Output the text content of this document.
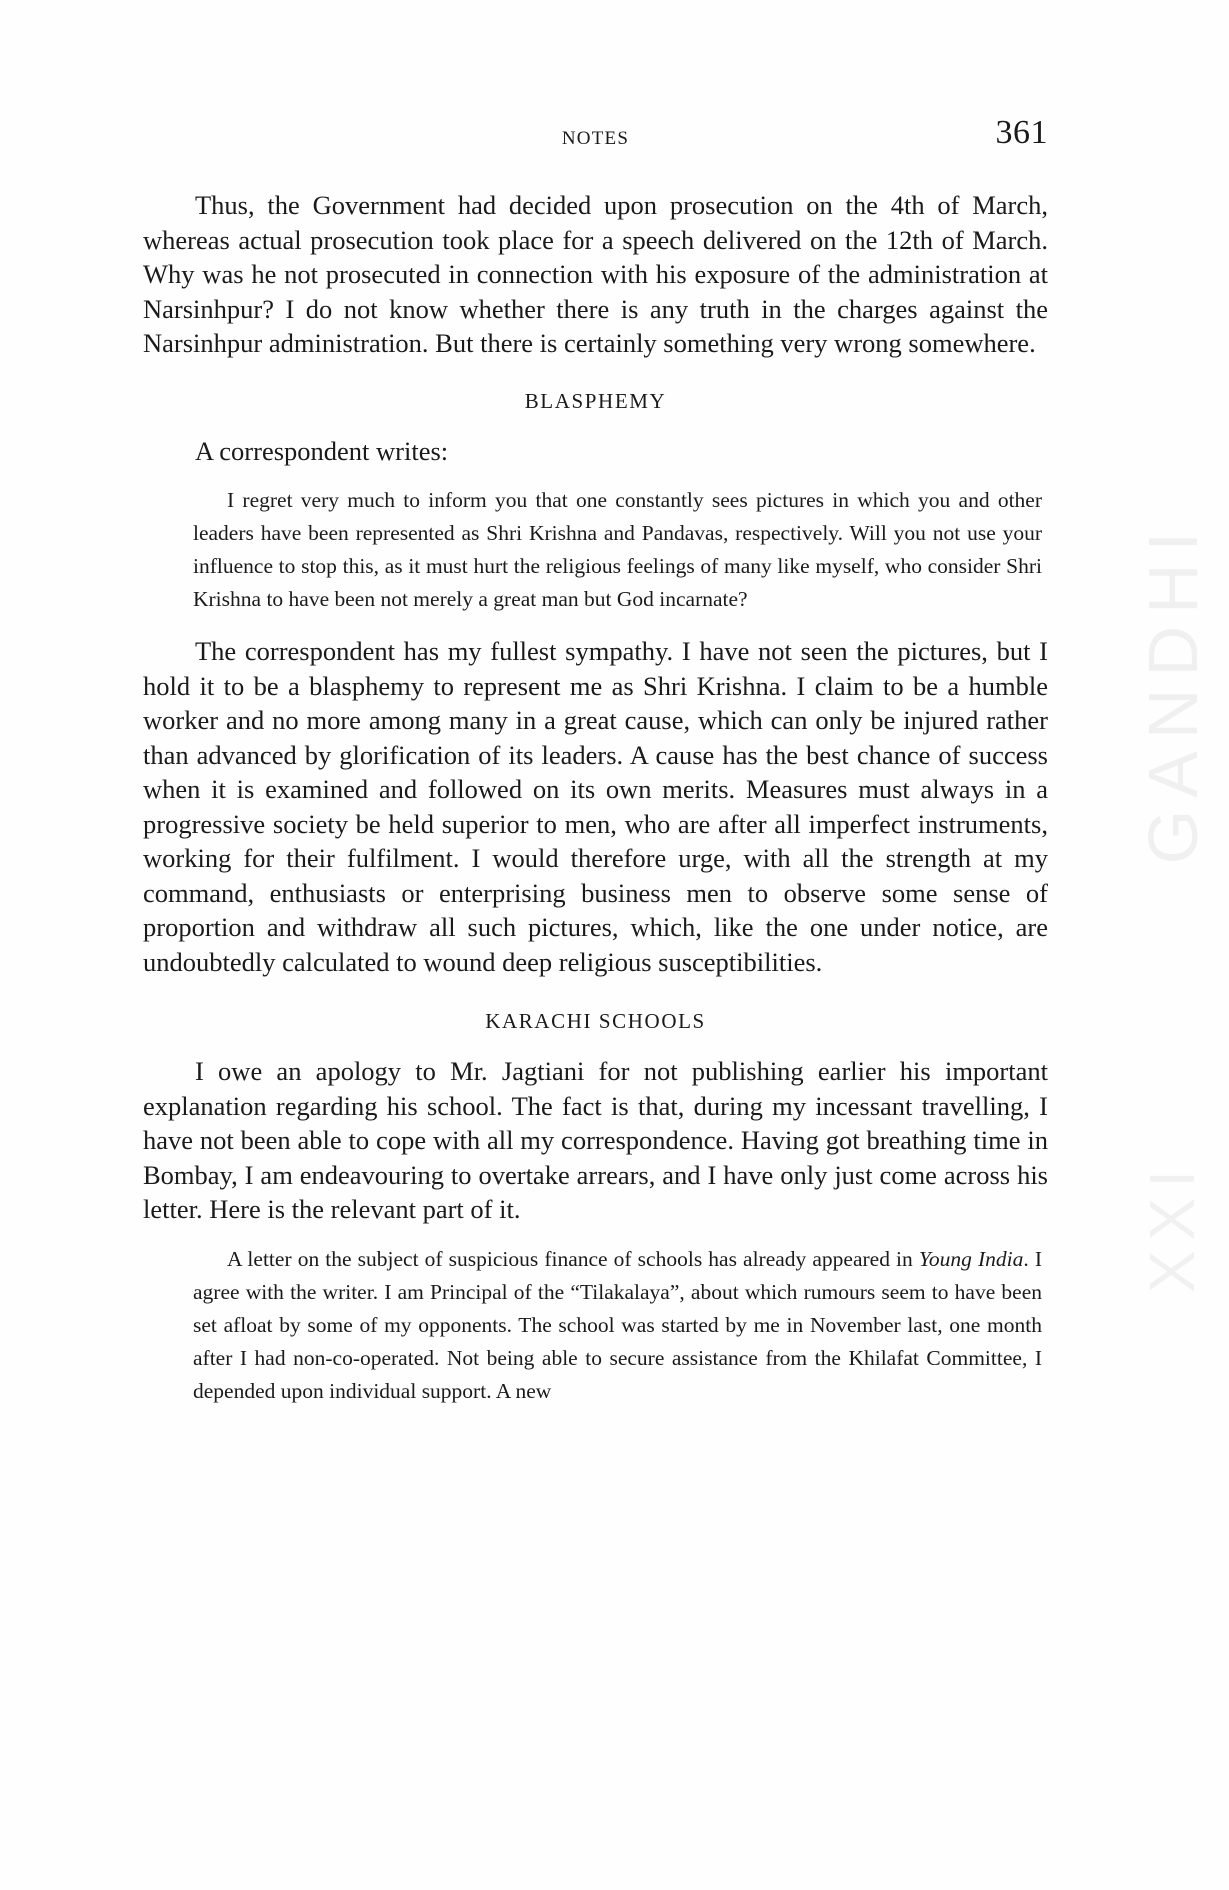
GANDHI
XXI
NOTES	361

Thus, the Government had decided upon prosecution on the 4th of March, whereas actual prosecution took place for a speech delivered on the 12th of March. Why was he not prosecuted in connection with his exposure of the administration at Narsinhpur? I do not know whether there is any truth in the charges against the Narsinhpur administration. But there is certainly something very wrong somewhere.

BLASPHEMY
A correspondent writes:

I regret very much to inform you that one constantly sees pictures in which you and other leaders have been represented as Shri Krishna and Pandavas, respectively. Will you not use your influence to stop this, as it must hurt the religious feelings of many like myself, who consider Shri Krishna to have been not merely a great man but God incarnate?

The correspondent has my fullest sympathy. I have not seen the pictures, but I hold it to be a blasphemy to represent me as Shri Krishna. I claim to be a humble worker and no more among many in a great cause, which can only be injured rather than advanced by glorification of its leaders. A cause has the best chance of success when it is examined and followed on its own merits. Measures must always in a progressive society be held superior to men, who are after all imperfect instruments, working for their fulfilment. I would therefore urge, with all the strength at my command, enthusiasts or enterprising business men to observe some sense of proportion and withdraw all such pictures, which, like the one under notice, are undoubtedly calculated to wound deep religious susceptibilities.

KARACHI SCHOOLS

I owe an apology to Mr. Jagtiani for not publishing earlier his important explanation regarding his school. The fact is that, during my incessant travelling, I have not been able to cope with all my correspondence. Having got breathing time in Bombay, I am endeavouring to overtake arrears, and I have only just come across his letter. Here is the relevant part of it.

A letter on the subject of suspicious finance of schools has already appeared in Young India. I agree with the writer. I am Principal of the “Tilakalaya”, about which rumours seem to have been set afloat by some of my opponents. The school was started by me in November last, one month after I had non-co-operated. Not being able to secure assistance from the Khilafat Committee, I depended upon individual support. A new
